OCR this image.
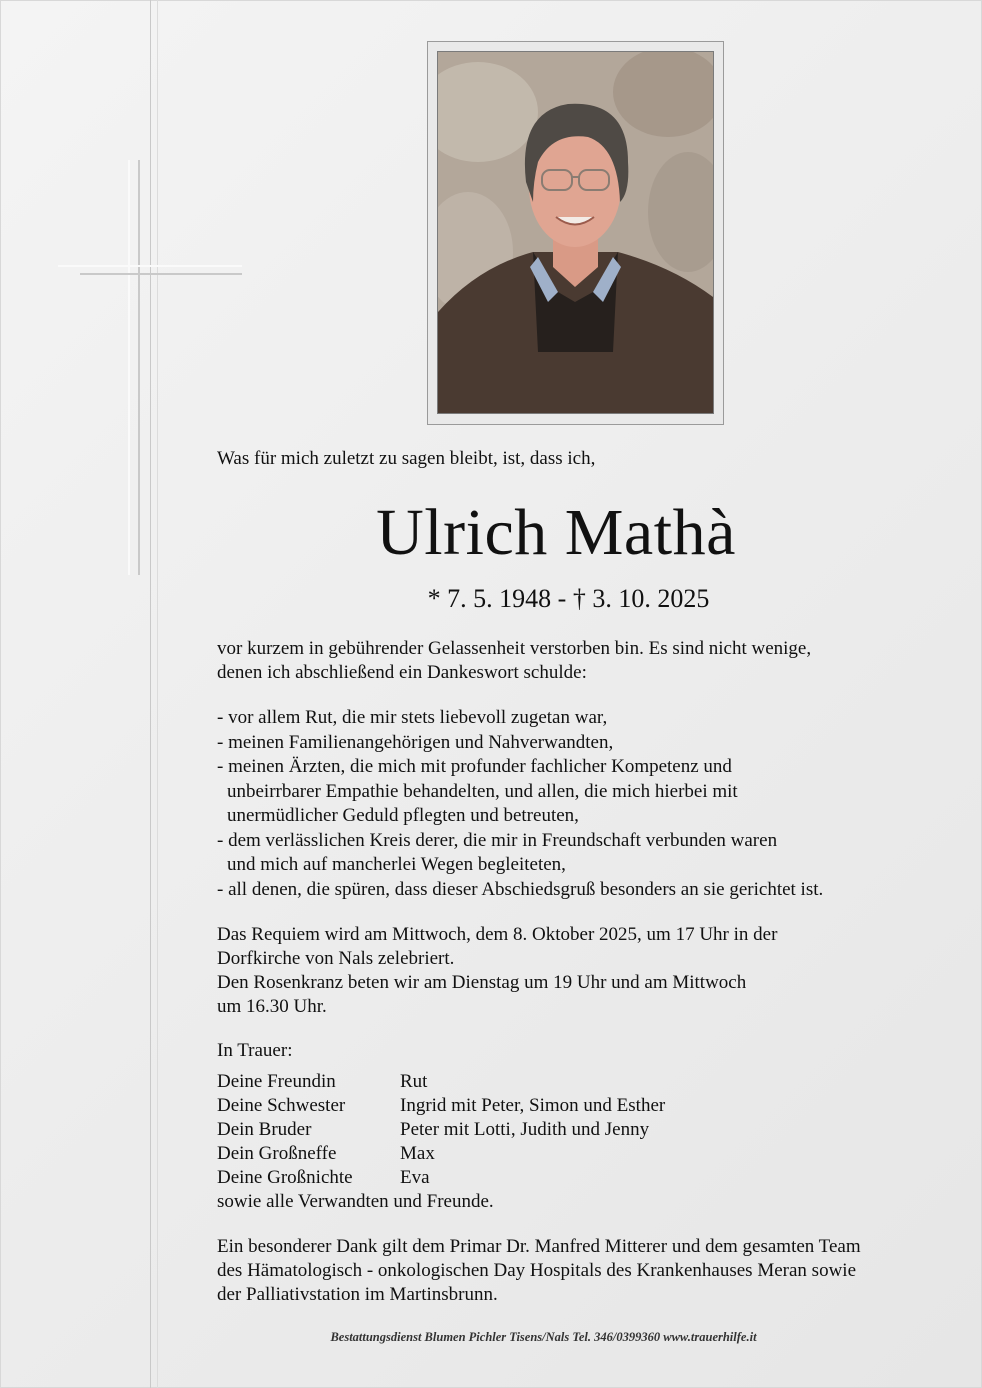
Was für mich zuletzt zu sagen bleibt, ist, dass ich,
Ulrich Mathà
* 7. 5. 1948 - † 3. 10. 2025
vor kurzem in gebührender Gelassenheit verstorben bin. Es sind nicht wenige,
denen ich abschließend ein Dankeswort schulde:
- vor allem Rut, die mir stets liebevoll zugetan war,
- meinen Familienangehörigen und Nahverwandten,
- meinen Ärzten, die mich mit profunder fachlicher Kompetenz und
unbeirrbarer Empathie behandelten, und allen, die mich hierbei mit
unermüdlicher Geduld pflegten und betreuten,
- dem verlässlichen Kreis derer, die mir in Freundschaft verbunden waren
und mich auf mancherlei Wegen begleiteten,
- all denen, die spüren, dass dieser Abschiedsgruß besonders an sie gerichtet ist.
Das Requiem wird am Mittwoch, dem 8. Oktober 2025, um 17 Uhr in der
Dorfkirche von Nals zelebriert.
Den Rosenkranz beten wir am Dienstag um 19 Uhr und am Mittwoch
um 16.30 Uhr.
In Trauer:
Deine Freundin	Rut
Deine Schwester	Ingrid mit Peter, Simon und Esther
Dein Bruder	Peter mit Lotti, Judith und Jenny
Dein Großneffe	Max
Deine Großnichte	Eva
sowie alle Verwandten und Freunde.
Ein besonderer Dank gilt dem Primar Dr. Manfred Mitterer und dem gesamten Team
des Hämatologisch - onkologischen Day Hospitals des Krankenhauses Meran sowie
der Palliativstation im Martinsbrunn.
Bestattungsdienst Blumen Pichler Tisens/Nals Tel. 346/0399360 www.trauerhilfe.it
